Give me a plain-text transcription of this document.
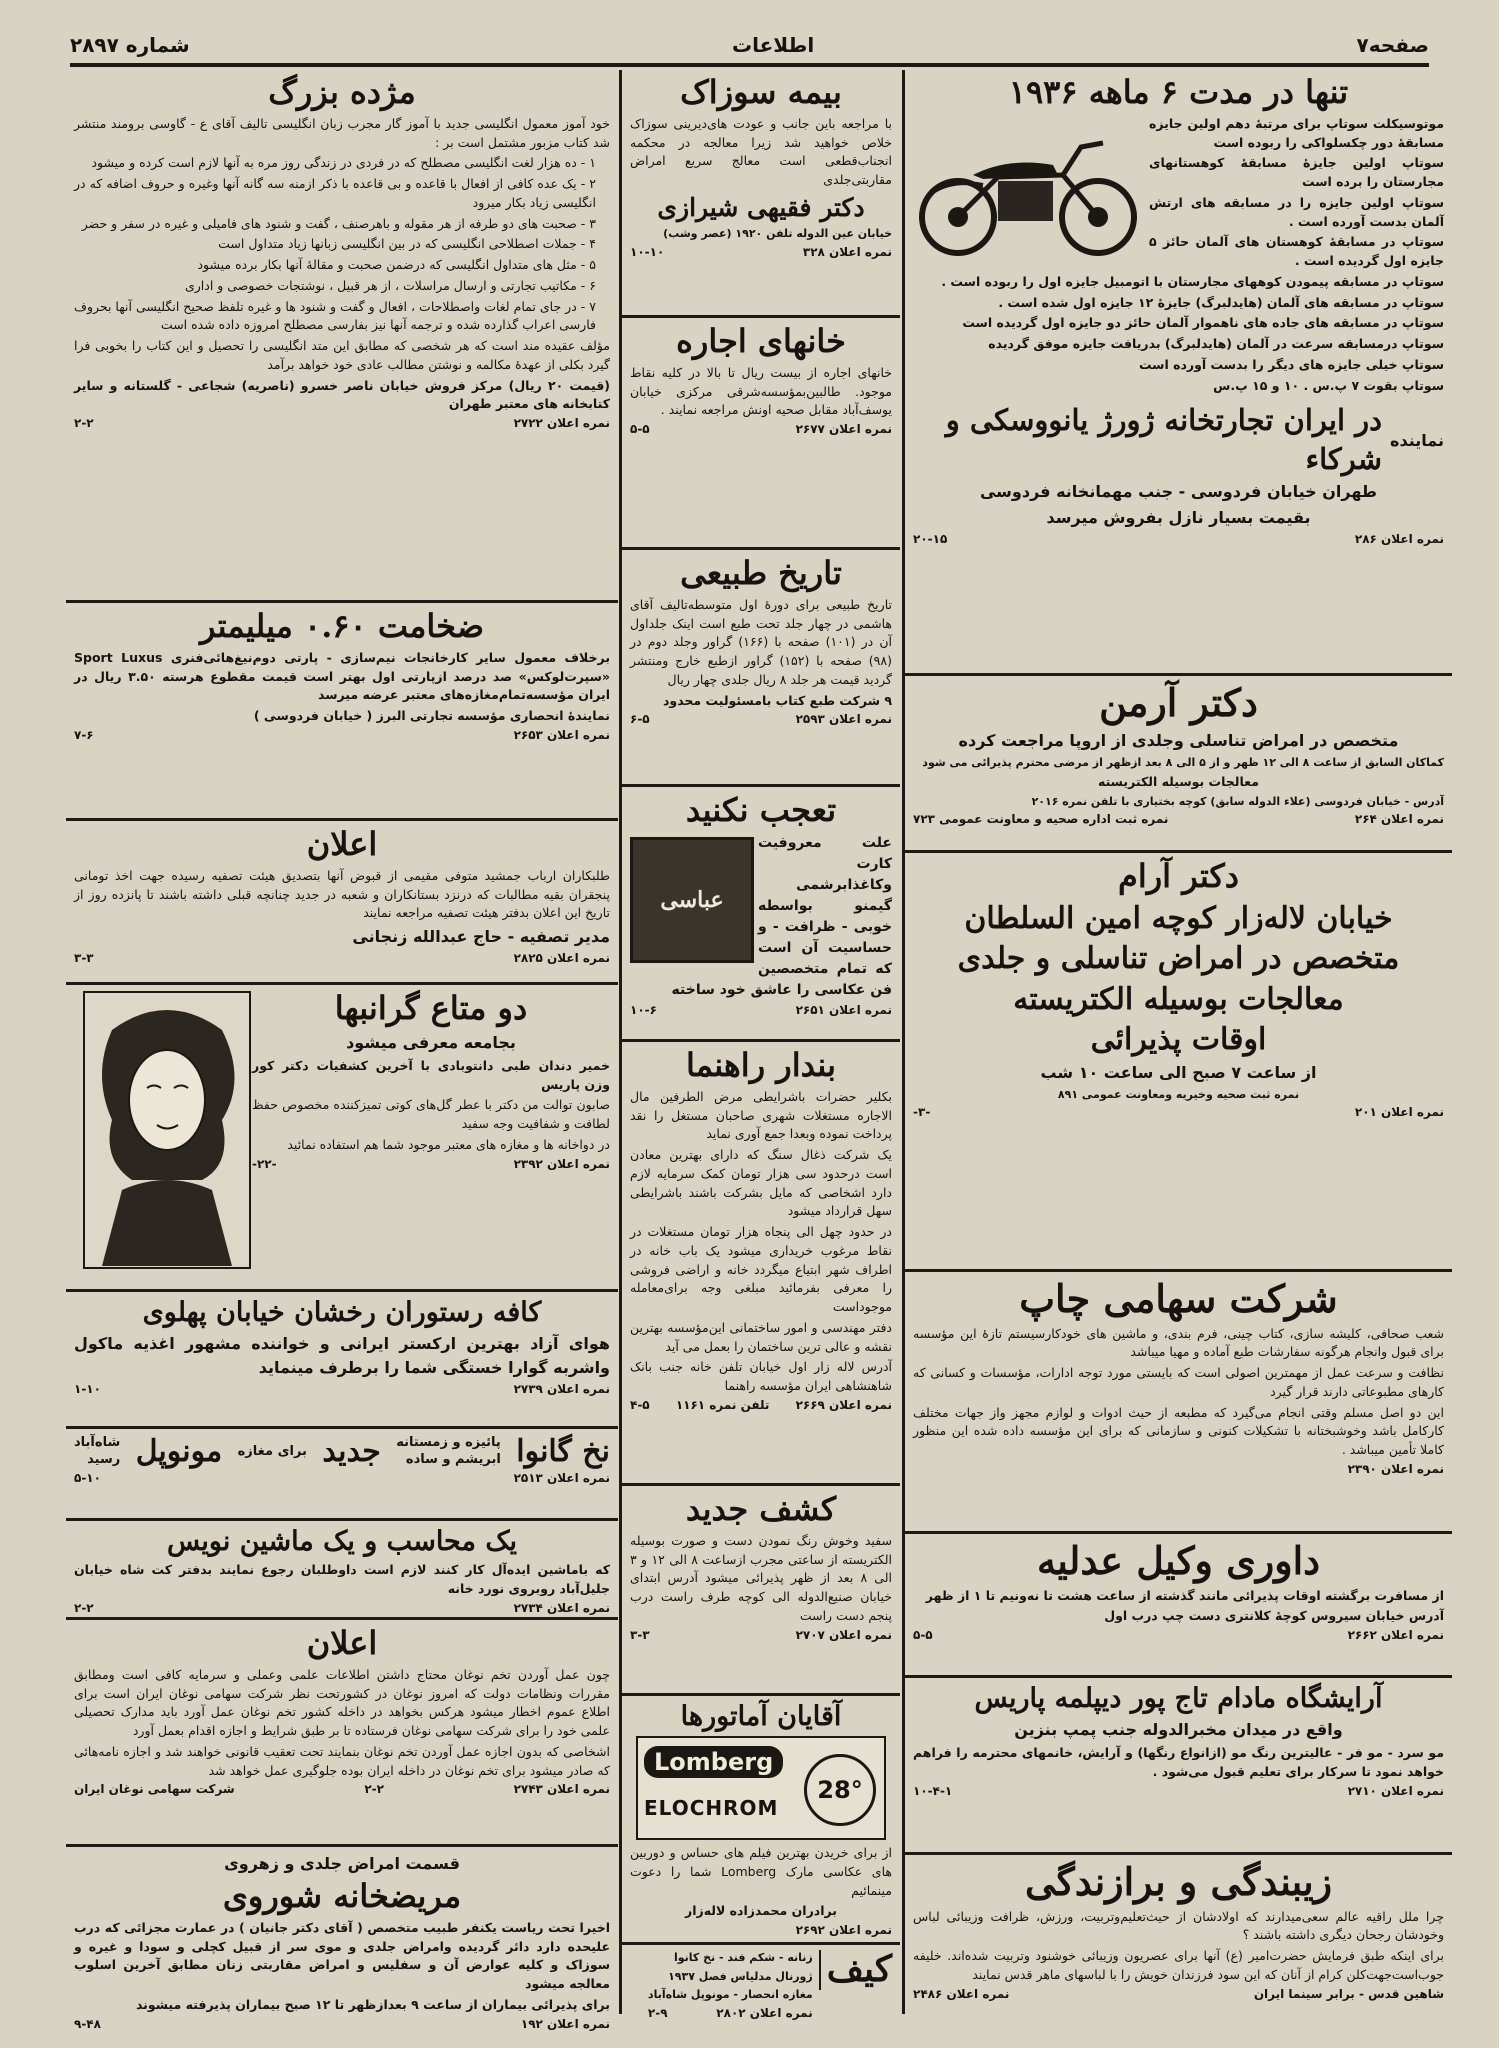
صفحه۷
اطلاعات
شماره ۲۸۹۷
تنها در مدت ۶ ماهه ۱۹۳۶

موتوسیکلت سوتاپ برای مرتبهٔ دهم اولین جایزه مسابقهٔ دور چکسلواکی را ربوده است

سوتاپ اولین جایزهٔ مسابقهٔ کوهستانهای مجارستان را برده است

سوتاپ اولین جایزه را در مسابقه های ارتش آلمان بدست آورده است .

سوتاپ در مسابقهٔ کوهستان های آلمان حائز ۵ جایزه اول گردیده است .

سوتاپ در مسابقه پیمودن کوههای مجارستان با اتومبیل جایزه اول را ربوده است .

سوتاپ در مسابقه های آلمان (هایدلبرگ) جایزهٔ ۱۲ جایزه اول شده است .

سوتاپ در مسابقه های جاده های ناهموار آلمان حائز دو جایزه اول گردیده است

سوتاپ درمسابقه سرعت در آلمان (هایدلبرگ) بدریافت جایزه موفق گردیده

سوتاپ خیلی جایزه های دیگر را بدست آورده است

سوتاپ بقوت ۷ پ.س . ۱۰ و ۱۵ پ.س

نماینده
در ایران تجارتخانه ژورژ یانووسکی و شرکاء

طهران خیابان فردوسی - جنب مهمانخانه فردوسی

بقیمت بسیار نازل بفروش میرسد

نمره اعلان ۲۸۶
۲۰-۱۵
دکتر آرمن

متخصص در امراض تناسلی وجلدی از اروپا مراجعت کرده

کماکان السابق از ساعت ۸ الی ۱۲ ظهر و از ۵ الی ۸ بعد ازظهر از مرضی محترم پذیرائی می شود

معالجات بوسیله الکتریسته

آدرس - خیابان فردوسی (علاء الدوله سابق) کوچه بختیاری با تلفن نمره ۲۰۱۶

نمره اعلان ۲۶۴
نمره ثبت اداره صحیه و معاونت عمومی ۷۲۳
دکتر آرام

خیابان لالەزار کوچه امین السلطان

متخصص در امراض تناسلی و جلدی

معالجات بوسیله الکتریسته

اوقات پذیرائی

از ساعت ۷ صبح الی ساعت ۱۰ شب

نمره ثبت صحیه وخیریه ومعاونت عمومی ۸۹۱

نمره اعلان ۲۰۱
-۳-
شرکت سهامی چاپ

شعب صحافی، کلیشه سازی، کتاب چینی، فرم بندی، و ماشین های خودکارسیستم تازهٔ این مؤسسه برای قبول وانجام هرگونه سفارشات طبع آماده و مهیا میباشد

نظافت و سرعت عمل از مهمترین اصولی است که بایستی مورد توجه ادارات، مؤسسات و کسانی که کارهای مطبوعاتی دارند قرار گیرد

این دو اصل مسلم وقتی انجام می‌گیرد که مطبعه از حیث ادوات و لوازم مجهز واز جهات مختلف کارکامل باشد وخوشبختانه با تشکیلات کنونی و سازمانی که برای این مؤسسه داده شده این منظور کاملا تأمین میباشد .

نمره اعلان ۲۳۹۰
داوری وکیل عدلیه

از مسافرت برگشته اوقات پذیرائی مانند گذشته از ساعت هشت تا نه‌ونیم تا ۱ از ظهر

آدرس خیابان سیروس کوچهٔ کلانتری دست چپ درب اول

نمره اعلان ۲۶۶۲
۵-۵
آرایشگاه مادام تاج پور دیپلمه پاریس

واقع در میدان مخبرالدوله جنب پمپ بنزین

مو سرد - مو فر - عالیترین رنگ مو (ازانواع رنگها) و آرایش، خانمهای محترمه را فراهم خواهد نمود تا سرکار برای تعلیم قبول می‌شود .

نمره اعلان ۲۷۱۰
۱۰-۴-۱
زیبندگی و برازندگی

چرا ملل راقیه عالم سعی‌میدارند که اولادشان از حیث‌تعلیم‌وتربیت، ورزش، ظرافت وزیبائی لباس وخودشان رجحان دیگری داشته باشند ؟

برای اینکه طبق فرمایش حضرت‌امیر (ع) آنها برای عصریون وزیبائی خوشنود وتربیت شده‌اند. خلیفه جوب‌است‌جهت‌کلن کرام از آنان که این سود فرزندان خویش را با لباسهای ماهر قدس نمایند

شاهین قدس - برابر سینما ایران
نمره اعلان ۲۴۸۶
بیمه سوزاک

با مراجعه باین جانب و عودت های‌دیرینی سوزاک خلاص خواهید شد زیرا معالجه در محکمه انجناب‌قطعی است معالج سریع امراض مقاربتی‌جلدی

دکتر فقیهی شیرازی

خیابان عین الدوله تلفن ۱۹۲۰ (عصر وشب)

نمره اعلان ۳۲۸
۱۰-۱۰
خانهای اجاره

خانهای اجاره از بیست ریال تا بالا در کلیه نقاط موجود. طالبین‌بمؤسسه‌شرقی مرکزی خیابان یوسف‌آباد مقابل صحیه اونش مراجعه نمایند .

نمره اعلان ۲۶۷۷
۵-۵
تاریخ طبیعی

تاریخ طبیعی برای دورهٔ اول متوسطه‌تالیف آقای هاشمی در چهار جلد تحت طبع است اینک جلداول آن در (۱۰۱) صفحه با (۱۶۶) گراور وجلد دوم در (۹۸) صفحه با (۱۵۲) گراور ازطبع خارج ومنتشر گردید قیمت هر جلد ۸ ریال جلدی چهار ریال

۹ شرکت طبع کتاب بامسئولیت محدود

نمره اعلان ۲۵۹۳
۶-۵
تعجب نکنید
عباسی

علت معروفیت کارت‌ وکاغذابرشمی گیمنو بواسطه خوبی - ظرافت - و حساسیت آن است که تمام متخصصین فن عکاسی را عاشق خود ساخته

نمره اعلان ۲۶۵۱
۱۰-۶
بندار راهنما

بکلیر حضرات باشرایطی مرض الطرفین مال الاجاره مستغلات شهری صاحبان مستغل را نقد پرداخت نموده وبعدا جمع آوری نماید

یک شرکت ذغال سنگ که دارای بهترین معادن است درحدود سی هزار تومان کمک سرمایه لازم دارد اشخاصی که مایل بشرکت باشند باشرایطی سهل قرارداد میشود

در حدود چهل الی پنجاه هزار تومان مستغلات در نقاط مرغوب خریداری میشود یک باب خانه در اطراف شهر ابتیاع میگردد خانه و اراضی فروشی را معرفی بفرمائید مبلغی وجه برای‌معامله موجوداست

دفتر مهندسی و امور ساختمانی این‌مؤسسه بهترین نقشه و عالی ترین ساختمان را بعمل می آید

آدرس لاله زار اول خیابان تلفن خانه جنب بانک شاهنشاهی ایران مؤسسه راهنما

نمره اعلان ۲۶۶۹
تلفن نمره ۱۱۶۱
۴-۵
کشف جدید

سفید وخوش رنگ نمودن دست و صورت بوسیله الکتریسته از ساعتی مجرب ازساعت ۸ الی ۱۲ و ۳ الی ۸ بعد از ظهر پذیرائی میشود آدرس ابتدای خیابان صنیع‌الدوله الی کوچه طرف راست درب پنجم دست راست

نمره اعلان ۲۷۰۷
۳-۳
آقایان آماتورها
Lomberg
ELOCHROM
28°

از برای خریدن بهترین فیلم های حساس و دوربین های عکاسی مارک Lomberg شما را دعوت مینمائیم

برادران محمدزاده لاله‌زار

نمره اعلان ۲۶۹۲
کیف

زنانه - شکم‌ فند - نخ کانوا

ژورنال مدلیاس فصل ۱۹۳۷

مغازه انحصار - مونوپل شاه‌آباد

نمره اعلان ۲۸۰۲
۲-۹
مژده بزرگ

خود آموز معمول انگلیسی جدید با آموز گار مجرب زبان انگلیسی تالیف آقای ع - گاوسی برومند منتشر شد کتاب مزبور مشتمل است بر :

۱ - ده هزار لغت انگلیسی مصطلح که در فردی در زندگی روز مره به آنها لازم است کرده و میشود

۲ - یک عده کافی از افعال با قاعده و بی قاعده با ذکر ازمنه سه گانه آنها وغیره و حروف اضافه که در انگلیسی زیاد بکار میرود

۳ - صحبت های دو طرفه از هر مقوله و باهرصنف ، گفت و شنود های فامیلی و غیره در سفر و حضر

۴ - جملات اصطلاحی انگلیسی که در بین انگلیسی زبانها زیاد متداول است

۵ - مثل های متداول انگلیسی که درضمن صحبت و مقالهٔ آنها بکار برده میشود

۶ - مکاتیب تجارتی و ارسال مراسلات ، از هر قبیل ، نوشتجات خصوصی و اداری

۷ - در جای تمام لغات واصطلاحات ، افعال و گفت و شنود ها و غیره تلفظ صحیح انگلیسی آنها بحروف فارسی اعراب گذارده شده و ترجمه آنها نیز بفارسی مصطلح امروزه داده شده است

مؤلف عقیده مند است که هر شخصی که مطابق این متد انگلیسی را تحصیل و این کتاب را بخوبی فرا گیرد بکلی از عهدهٔ مکالمه و نوشتن مطالب عادی خود خواهد برآمد

(قیمت ۲۰ ریال) مرکز فروش خیابان ناصر خسرو (ناصریه) شجاعی - گلستانه و سایر کتابخانه های معتبر طهران

نمره اعلان ۲۷۲۲
۲-۲
ضخامت ۰.۶۰ میلیمتر

برخلاف معمول سایر کارخانجات نیم‌سازی - پارتی‌ دوم‌نیغ‌هائی‌فنری Sport Luxus «سپرت‌لوکس» صد درصد ازپارتی اول بهتر است قیمت مقطوع هرسته ۳.۵۰ ریال در ایران مؤسسه‌تمام‌مغازه‌های معتبر عرضه میرسد

نمایندهٔ انحصاری مؤسسه تجارتی البرز ( خیابان فردوسی )

نمره اعلان ۲۶۵۳
۷-۶
اعلان

طلبکاران ارباب جمشید متوفی مقیمی از قبوض آنها بتصدیق هیئت تصفیه رسیده جهت اخذ تومانی پنجقران بقیه مطالبات که درنزد بستانکاران و شعبه در جدید چنانچه قبلی داشته باشند تا پانزده روز از تاریخ این اعلان بدفتر هیئت تصفیه مراجعه نمایند

مدیر تصفیه - حاج عبدالله زنجانی

نمره اعلان ۲۸۲۵
۳-۳
دو متاع گرانبها

بجامعه معرفی میشود

خمیر دندان طبی دانتوبادی با آخرین کشفیات دکتر کور وزن پاریس

صابون توالت من دکتر با عطر گل‌های کوتی تمیزکننده مخصوص حفظ لطافت و شفافیت وجه سفید

در دواخانه ها و مغازه های معتبر موجود شما هم استفاده نمائید

نمره اعلان ۲۳۹۲
-۲۲-
کافه رستوران رخشان خیابان پهلوی

هوای آزاد بهترین ارکستر ایرانی و خواننده مشهور اغذیه ماکول واشربه گوارا خستگی شما را برطرف مینماید

نمره اعلان ۲۷۳۹
۱-۱۰
نخ گانوا
پائیزه و زمستانه
ابریشم و ساده
جدید
برای مغازه
مونوپل
شاه‌آباد
رسید
نمره اعلان ۲۵۱۳
۵-۱۰
یک محاسب و یک ماشین نویس

که باماشین ایده‌آل کار کنند لازم است داوطلبان رجوع نمایند بدفتر کت شاه خیابان جلیل‌آباد روبروی نورد خانه

نمره اعلان ۲۷۳۴
۲-۲
اعلان

چون عمل آوردن تخم نوغان محتاج داشتن اطلاعات علمی وعملی و سرمایه کافی است ومطابق مقررات ونظامات دولت که امروز نوغان در کشورتحت نظر شرکت سهامی نوغان ایران است برای اطلاع عموم اخطار میشود هرکس بخواهد در داخله کشور تخم نوغان عمل آورد باید مدارک تحصیلی علمی خود را برای‌ شرکت سهامی نوغان فرستاده تا بر طبق شرایط و اجازه اقدام بعمل آورد

اشخاصی که بدون اجازه عمل آوردن تخم نوغان بنمایند تحت تعقیب قانونی خواهند شد و اجازه نامه‌هائی که صادر میشود برای تخم نوغان در داخله ایران بوده جلوگیری عمل خواهد شد

نمره اعلان ۲۷۴۳
۲-۲
شرکت سهامی نوغان ایران

قسمت امراض جلدی و زهروی

مریضخانه شوروی

اخیرا تحت ریاست یکنفر طبیب متخصص ( آقای دکتر جانیان ) در عمارت مجزائی که درب علیحده دارد دائر گردیده وامراض جلدی و موی سر از قبیل کچلی و سودا و غیره و سوزاک و کلیه عوارض آن و سفلیس و امراض مقاربتی زنان مطابق آخرین اسلوب معالجه میشود

برای پذیرائی بیماران از ساعت ۹ بعدازظهر تا ۱۲ صبح بیماران پذیرفته میشوند

نمره اعلان ۱۹۲
۹-۴۸
